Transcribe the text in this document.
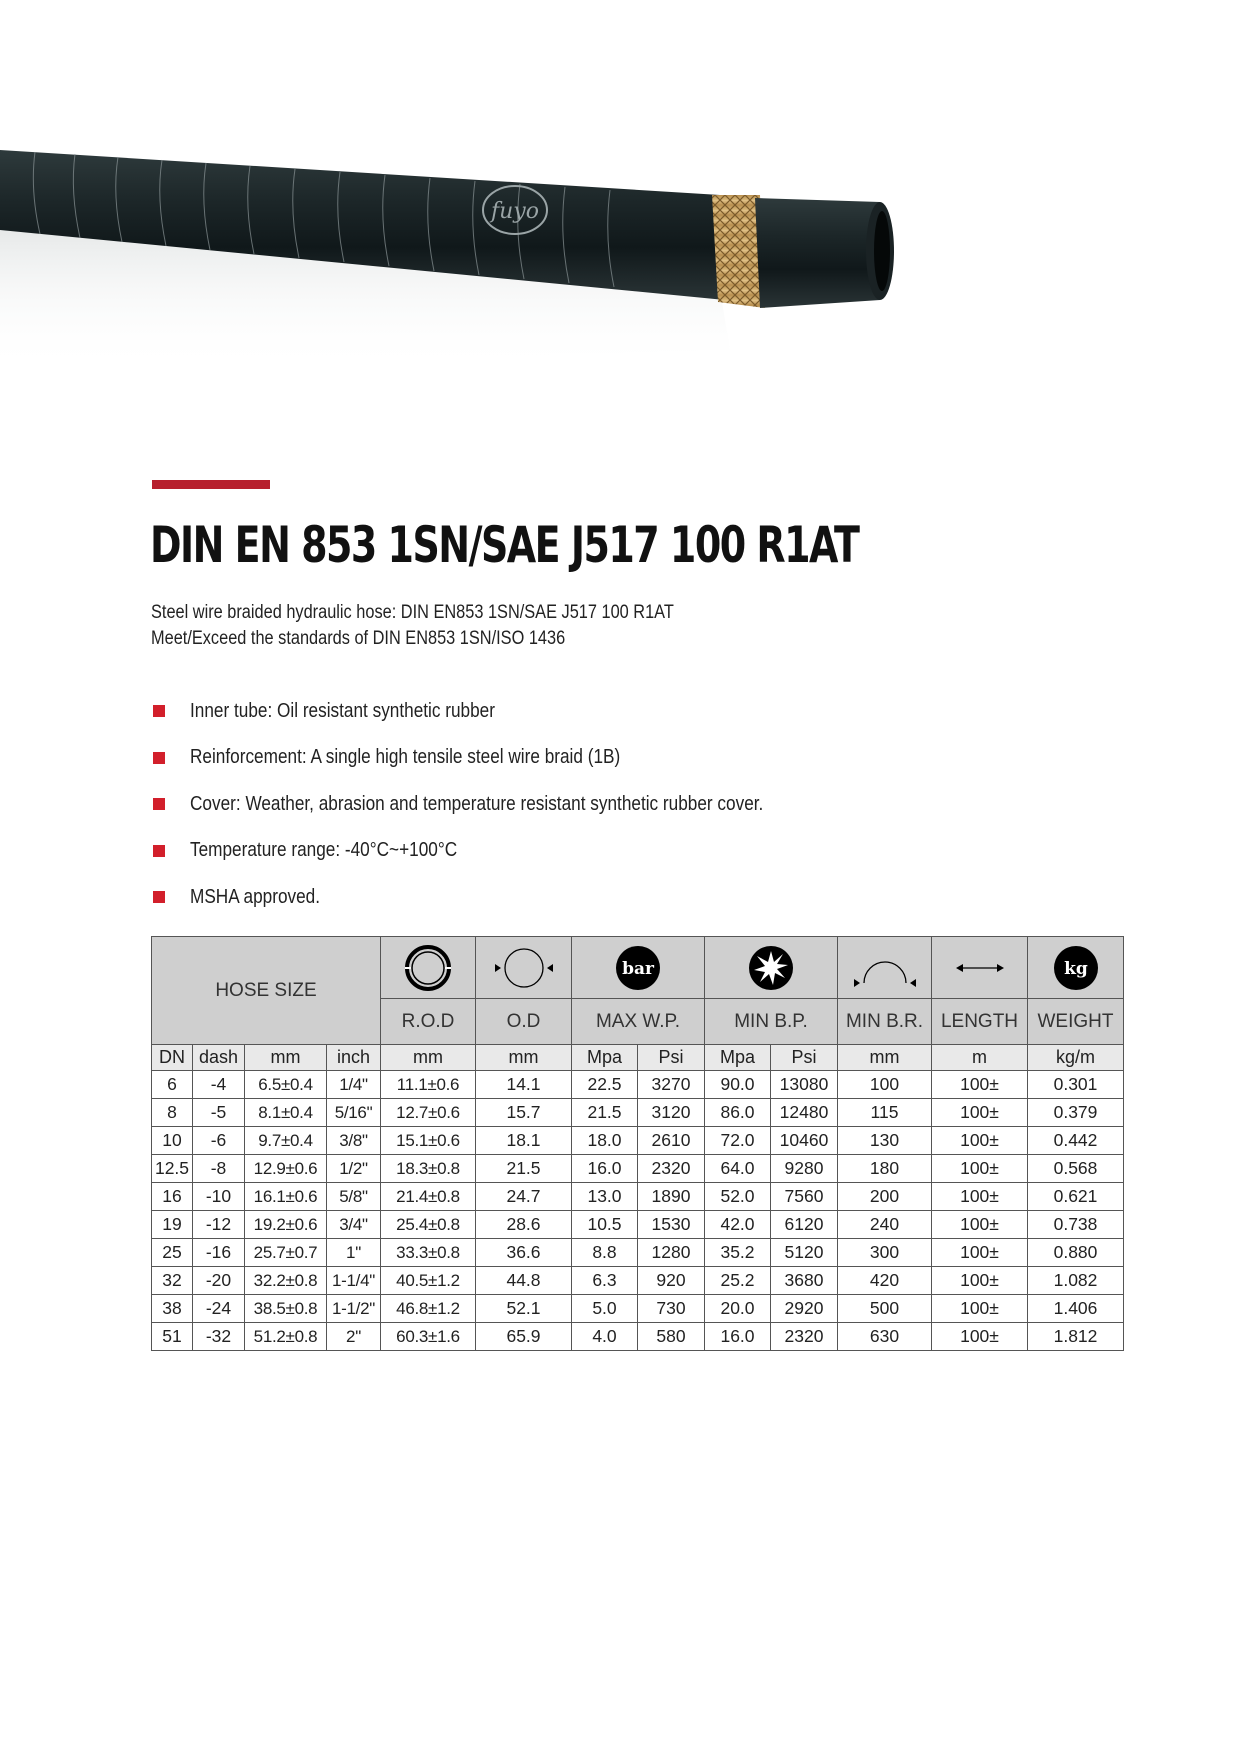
fuyo
DIN EN 853 1SN/SAE J517 100 R1AT
Steel wire braided hydraulic hose: DIN EN853 1SN/SAE J517 100 R1AT
Meet/Exceed the standards of DIN EN853 1SN/ISO 1436
Inner tube: Oil resistant synthetic rubber
Reinforcement: A single high tensile steel wire braid (1B)
Cover: Weather, abrasion and temperature resistant synthetic rubber cover.
Temperature range: -40°C~+100°C
MSHA approved.
HOSE SIZE						bar						kg

				R.O.D	O.D	MAX W.P.		MIN B.P.		MIN B.R.	LENGTH	WEIGHT
DN	dash	mm	inch	mm	mm	Mpa	Psi	Mpa	Psi	mm	m	kg/m
6	-4	6.5±0.4	1/4"	11.1±0.6	14.1	22.5	3270	90.0	13080	100	100±	0.301
8	-5	8.1±0.4	5/16"	12.7±0.6	15.7	21.5	3120	86.0	12480	115	100±	0.379
10	-6	9.7±0.4	3/8"	15.1±0.6	18.1	18.0	2610	72.0	10460	130	100±	0.442
12.5	-8	12.9±0.6	1/2"	18.3±0.8	21.5	16.0	2320	64.0	9280	180	100±	0.568
16	-10	16.1±0.6	5/8"	21.4±0.8	24.7	13.0	1890	52.0	7560	200	100±	0.621
19	-12	19.2±0.6	3/4"	25.4±0.8	28.6	10.5	1530	42.0	6120	240	100±	0.738
25	-16	25.7±0.7	1"	33.3±0.8	36.6	8.8	1280	35.2	5120	300	100±	0.880
32	-20	32.2±0.8	1-1/4"	40.5±1.2	44.8	6.3	920	25.2	3680	420	100±	1.082
38	-24	38.5±0.8	1-1/2"	46.8±1.2	52.1	5.0	730	20.0	2920	500	100±	1.406
51	-32	51.2±0.8	2"	60.3±1.6	65.9	4.0	580	16.0	2320	630	100±	1.812
